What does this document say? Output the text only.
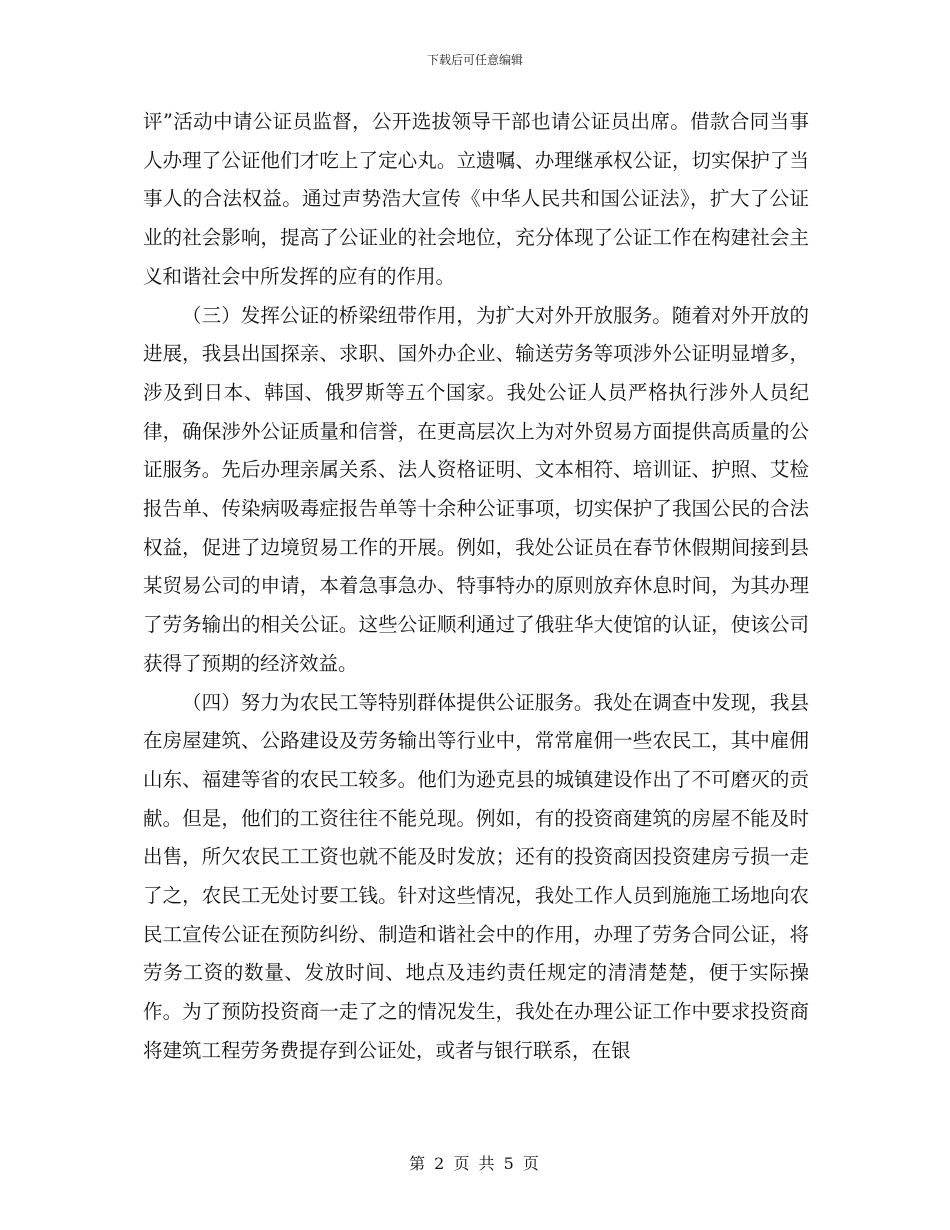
下载后可任意编辑

评”活动中请公证员监督，公开选拔领导干部也请公证员出席。借款合同当事人办理了公证他们才吃上了定心丸。立遗嘱、办理继承权公证，切实保护了当事人的合法权益。通过声势浩大宣传《中华人民共和国公证法》，扩大了公证业的社会影响，提高了公证业的社会地位，充分体现了公证工作在构建社会主义和谐社会中所发挥的应有的作用。

（三）发挥公证的桥梁纽带作用，为扩大对外开放服务。随着对外开放的进展，我县出国探亲、求职、国外办企业、输送劳务等项涉外公证明显增多，涉及到日本、韩国、俄罗斯等五个国家。我处公证人员严格执行涉外人员纪律，确保涉外公证质量和信誉，在更高层次上为对外贸易方面提供高质量的公证服务。先后办理亲属关系、法人资格证明、文本相符、培训证、护照、艾检报告单、传染病吸毒症报告单等十余种公证事项，切实保护了我国公民的合法权益，促进了边境贸易工作的开展。例如，我处公证员在春节休假期间接到县某贸易公司的申请，本着急事急办、特事特办的原则放弃休息时间，为其办理了劳务输出的相关公证。这些公证顺利通过了俄驻华大使馆的认证，使该公司获得了预期的经济效益。

（四）努力为农民工等特别群体提供公证服务。我处在调查中发现，我县在房屋建筑、公路建设及劳务输出等行业中，常常雇佣一些农民工，其中雇佣山东、福建等省的农民工较多。他们为逊克县的城镇建设作出了不可磨灭的贡献。但是，他们的工资往往不能兑现。例如，有的投资商建筑的房屋不能及时出售，所欠农民工工资也就不能及时发放；还有的投资商因投资建房亏损一走了之，农民工无处讨要工钱。针对这些情况，我处工作人员到施施工场地向农民工宣传公证在预防纠纷、制造和谐社会中的作用，办理了劳务合同公证，将劳务工资的数量、发放时间、地点及违约责任规定的清清楚楚，便于实际操作。为了预防投资商一走了之的情况发生，我处在办理公证工作中要求投资商将建筑工程劳务费提存到公证处，或者与银行联系，在银

第 2 页 共 5 页
